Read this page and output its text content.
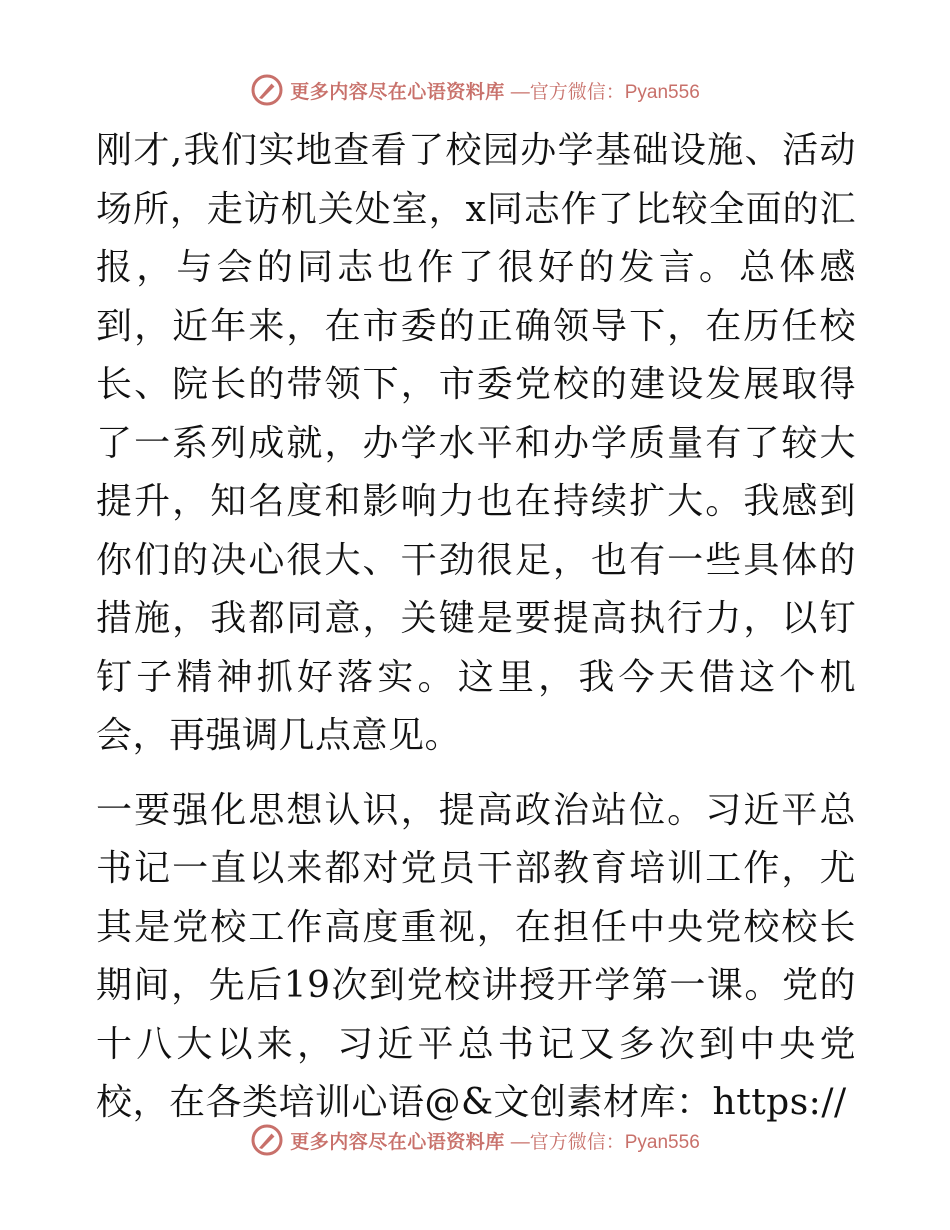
更多内容尽在心语资料库 —官方微信：Pyan556

刚才,我们实地查看了校园办学基础设施、活动场所，走访机关处室，x同志作了比较全面的汇报，与会的同志也作了很好的发言。总体感到，近年来，在市委的正确领导下，在历任校长、院长的带领下，市委党校的建设发展取得了一系列成就，办学水平和办学质量有了较大提升，知名度和影响力也在持续扩大。我感到你们的决心很大、干劲很足，也有一些具体的措施，我都同意，关键是要提高执行力，以钉钉子精神抓好落实。这里，我今天借这个机会，再强调几点意见。

一要强化思想认识，提高政治站位。习近平总书记一直以来都对党员干部教育培训工作，尤其是党校工作高度重视，在担任中央党校校长期间，先后19次到党校讲授开学第一课。党的十八大以来，习近平总书记又多次到中央党校，在各类培训心语@&文创素材库：https://

更多内容尽在心语资料库 —官方微信：Pyan556
